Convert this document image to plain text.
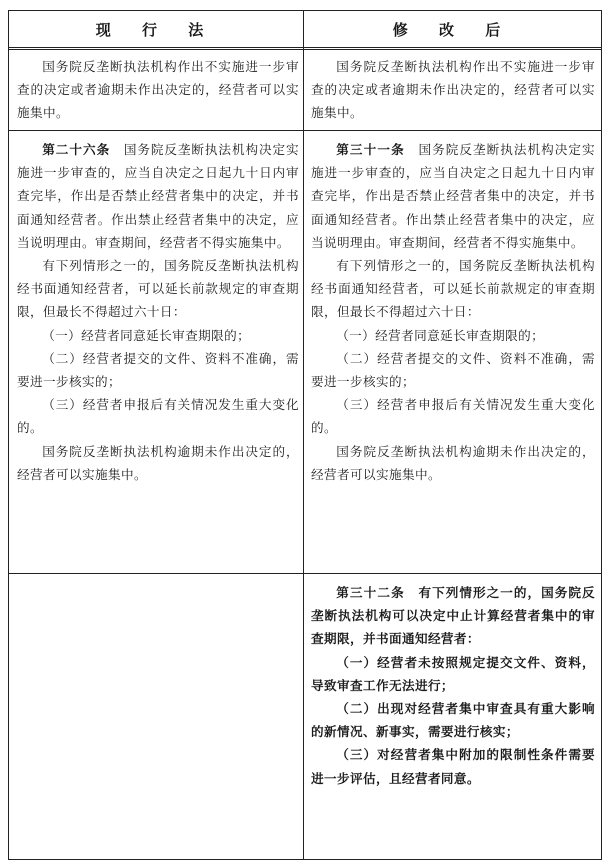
现 行 法	修 改 后

国务院反垄断执法机构作出不实施进一步审查的决定或者逾期未作出决定的，经营者可以实施集中。

国务院反垄断执法机构作出不实施进一步审查的决定或者逾期未作出决定的，经营者可以实施集中。

第二十六条　 国务院反垄断执法机构决定实施进一步审查的，应当自决定之日起九十日内审查完毕，作出是否禁止经营者集中的决定，并书面通知经营者。作出禁止经营者集中的决定，应当说明理由。审查期间，经营者不得实施集中。

有下列情形之一的，国务院反垄断执法机构经书面通知经营者，可以延长前款规定的审查期限，但最长不得超过六十日：

（一）经营者同意延长审查期限的；

（二）经营者提交的文件、资料不准确，需要进一步核实的；

（三）经营者申报后有关情况发生重大变化的。

国务院反垄断执法机构逾期未作出决定的，经营者可以实施集中。

第三十一条　 国务院反垄断执法机构决定实施进一步审查的，应当自决定之日起九十日内审查完毕，作出是否禁止经营者集中的决定，并书面通知经营者。作出禁止经营者集中的决定，应当说明理由。审查期间，经营者不得实施集中。

有下列情形之一的，国务院反垄断执法机构经书面通知经营者，可以延长前款规定的审查期限，但最长不得超过六十日：

（一）经营者同意延长审查期限的；

（二）经营者提交的文件、资料不准确，需要进一步核实的；

（三）经营者申报后有关情况发生重大变化的。

国务院反垄断执法机构逾期未作出决定的，经营者可以实施集中。

第三十二条　 有下列情形之一的，国务院反垄断执法机构可以决定中止计算经营者集中的审查期限，并书面通知经营者：

（一）经营者未按照规定提交文件、资料，导致审查工作无法进行；

（二）出现对经营者集中审查具有重大影响的新情况、新事实，需要进行核实；

（三）对经营者集中附加的限制性条件需要进一步评估，且经营者同意。
